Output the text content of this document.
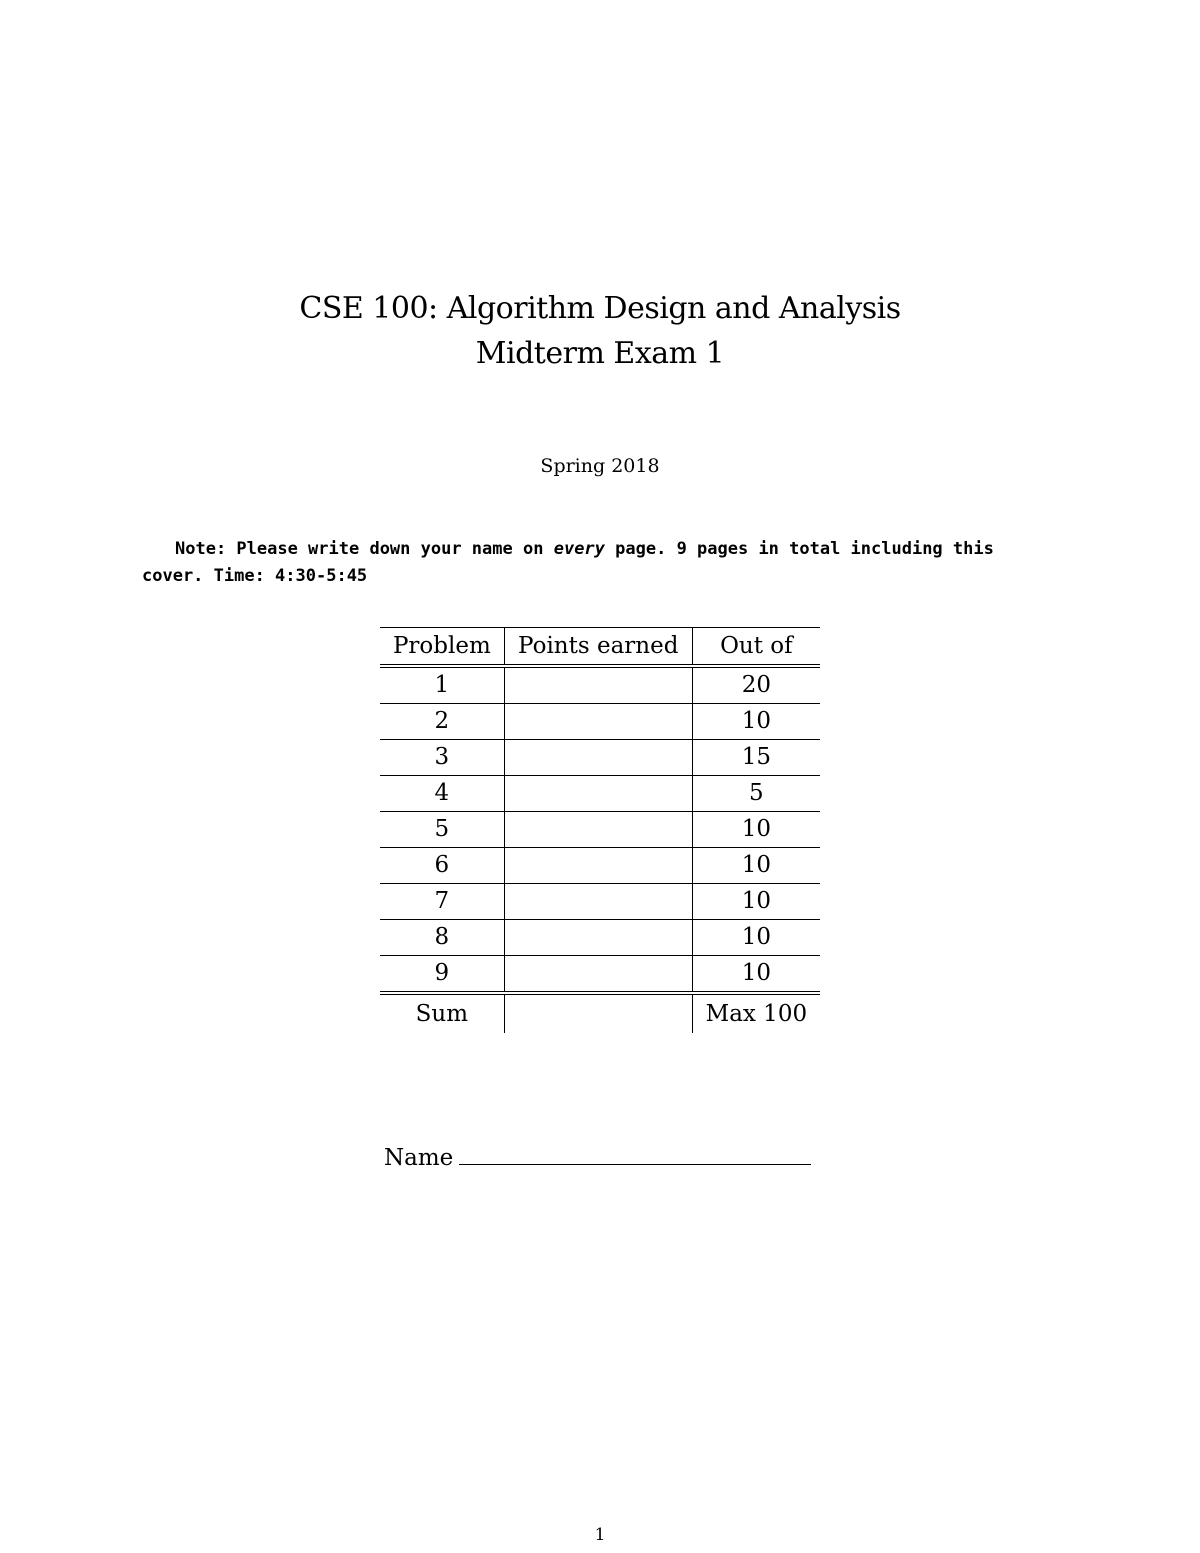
CSE 100: Algorithm Design and Analysis
Midterm Exam 1
Spring 2018
Note: Please write down your name on every page. 9 pages in total including this cover. Time: 4:30-5:45
Problem	Points earned	Out of
1		20
2		10
3		15
4		5
5		10
6		10
7		10
8		10
9		10
Sum		Max 100
Name
1
